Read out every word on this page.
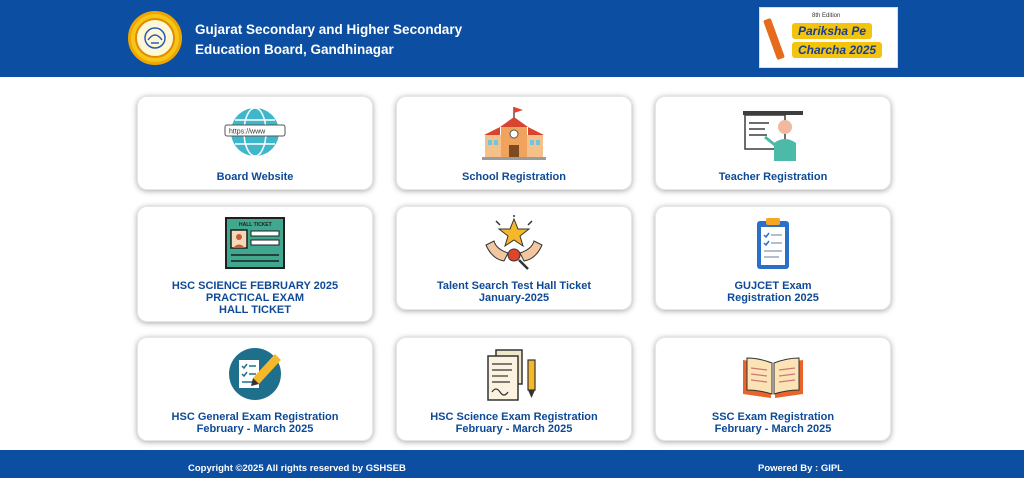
Gujarat Secondary and Higher Secondary
Education Board, Gandhinagar
8th Edition
Pariksha Pe
Charcha 2025
https://www
Board Website	School Registration	Teacher Registration
HALL TICKET
HSC SCIENCE FEBRUARY 2025
PRACTICAL EXAM
HALL TICKET
Talent Search Test Hall Ticket
January-2025
GUJCET Exam
Registration 2025
HSC General Exam Registration
February - March 2025
HSC Science Exam Registration
February - March 2025
SSC Exam Registration
February - March 2025
Copyright ©2025 All rights reserved by GSHSEB	Powered By : GIPL
